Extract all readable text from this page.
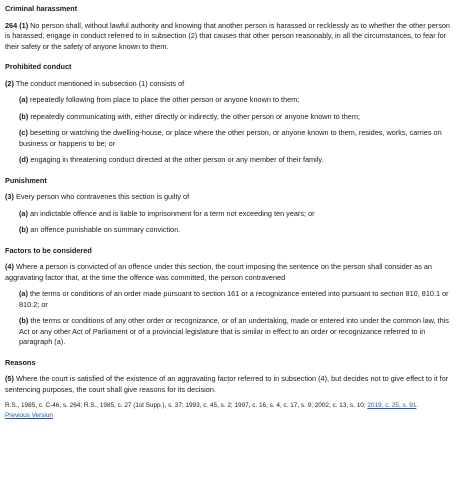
Criminal harassment
264 (1) No person shall, without lawful authority and knowing that another person is harassed or recklessly as to whether the other person is harassed, engage in conduct referred to in subsection (2) that causes that other person reasonably, in all the circumstances, to fear for their safety or the safety of anyone known to them.
Prohibited conduct
(2) The conduct mentioned in subsection (1) consists of
(a) repeatedly following from place to place the other person or anyone known to them;
(b) repeatedly communicating with, either directly or indirectly, the other person or anyone known to them;
(c) besetting or watching the dwelling-house, or place where the other person, or anyone known to them, resides, works, carries on business or happens to be; or
(d) engaging in threatening conduct directed at the other person or any member of their family.
Punishment
(3) Every person who contravenes this section is guilty of
(a) an indictable offence and is liable to imprisonment for a term not exceeding ten years; or
(b) an offence punishable on summary conviction.
Factors to be considered
(4) Where a person is convicted of an offence under this section, the court imposing the sentence on the person shall consider as an aggravating factor that, at the time the offence was committed, the person contravened
(a) the terms or conditions of an order made pursuant to section 161 or a recognizance entered into pursuant to section 810, 810.1 or 810.2; or
(b) the terms or conditions of any other order or recognizance, or of an undertaking, made or entered into under the common law, this Act or any other Act of Parliament or of a provincial legislature that is similar in effect to an order or recognizance referred to in paragraph (a).
Reasons
(5) Where the court is satisfied of the existence of an aggravating factor referred to in subsection (4), but decides not to give effect to it for sentencing purposes, the court shall give reasons for its decision.
R.S., 1985, c. C-46, s. 264; R.S., 1985, c. 27 (1st Supp.), s. 37; 1993, c. 45, s. 2; 1997, c. 16, s. 4, c. 17, s. 9; 2002, c. 13, s. 10; 2019, c. 25, s. 91.
Previous Version
